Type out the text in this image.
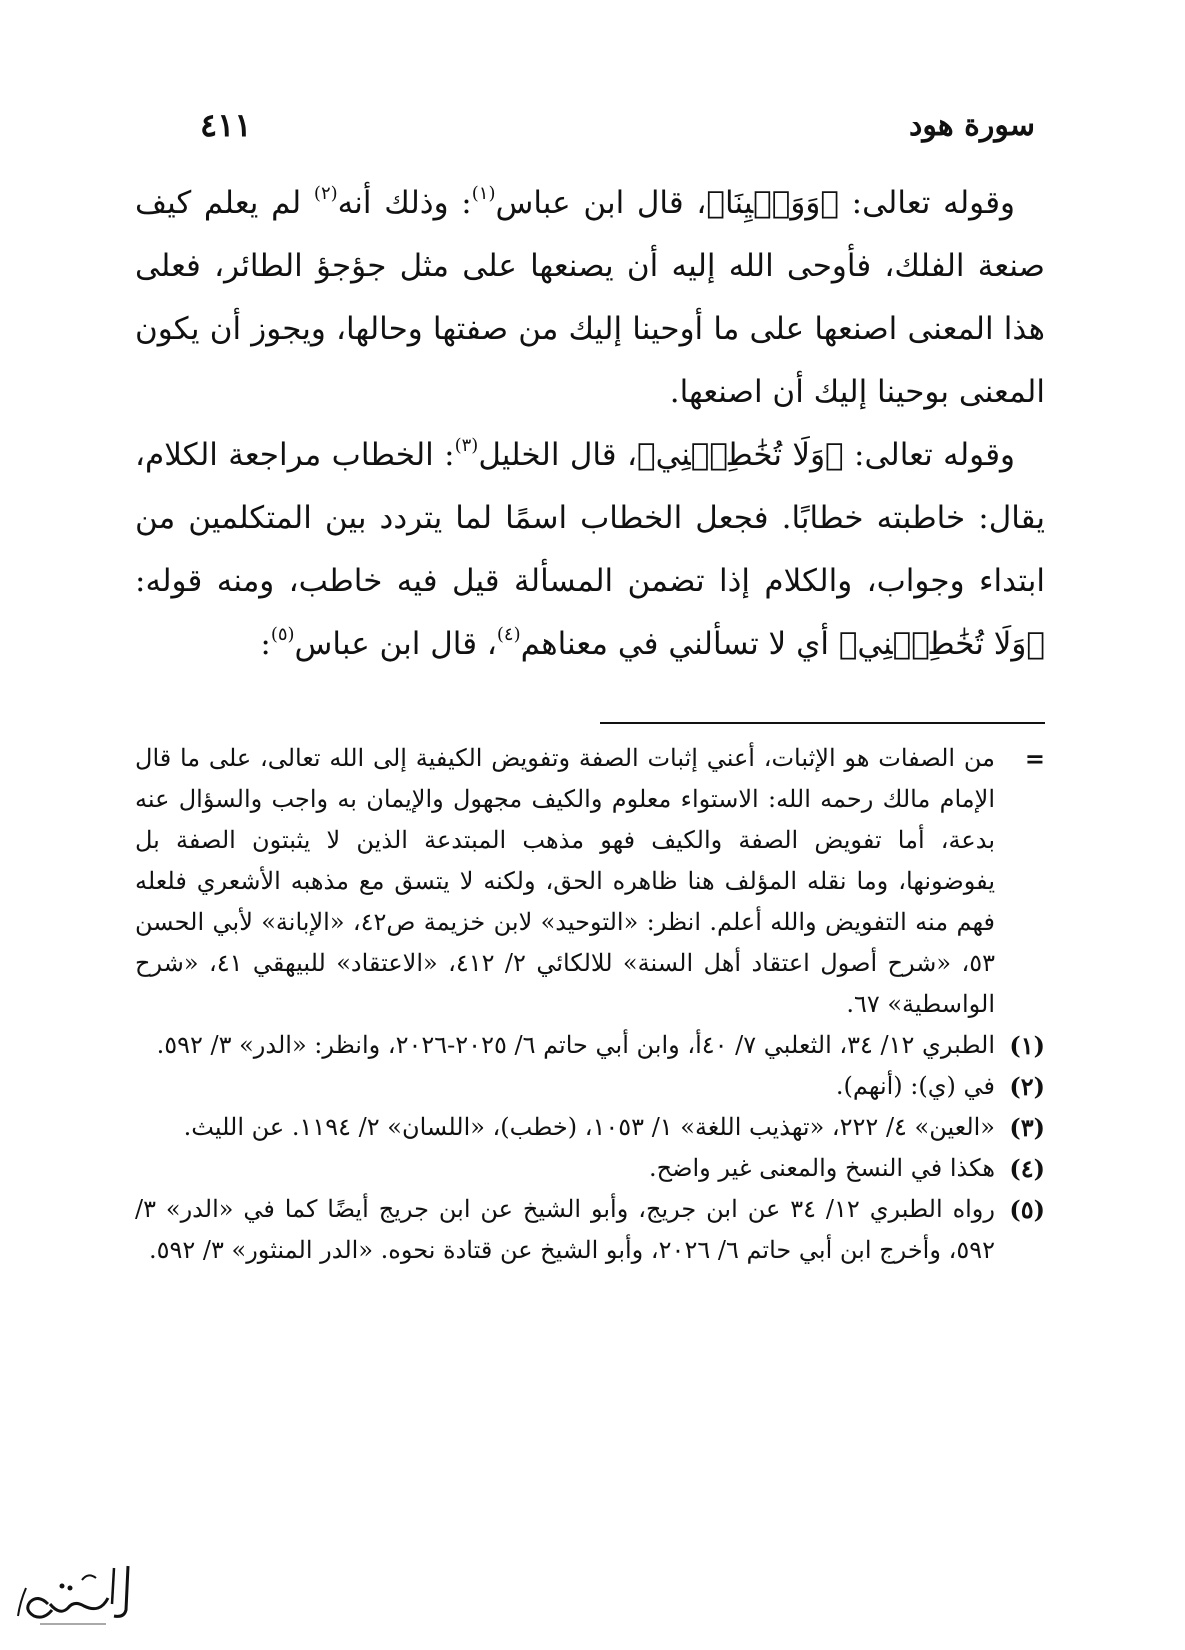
سورة هود
٤١١

وقوله تعالى: ﴿وَوَحۡيِنَا﴾، قال ابن عباس$^{(١)}$: وذلك أنه$^{(٢)}$ لم يعلم كيف صنعة الفلك، فأوحى الله إليه أن يصنعها على مثل جؤجؤ الطائر، فعلى هذا المعنى اصنعها على ما أوحينا إليك من صفتها وحالها، ويجوز أن يكون المعنى بوحينا إليك أن اصنعها.

وقوله تعالى: ﴿وَلَا تُخَٰطِبۡنِي﴾، قال الخليل$^{(٣)}$: الخطاب مراجعة الكلام، يقال: خاطبته خطابًا. فجعل الخطاب اسمًا لما يتردد بين المتكلمين من ابتداء وجواب، والكلام إذا تضمن المسألة قيل فيه خاطب، ومنه قوله: ﴿وَلَا تُخَٰطِبۡنِي﴾ أي لا تسألني في معناهم$^{(٤)}$، قال ابن عباس$^{(٥)}$:

=
من الصفات هو الإثبات، أعني إثبات الصفة وتفويض الكيفية إلى الله تعالى، على ما قال الإمام مالك رحمه الله: الاستواء معلوم والكيف مجهول والإيمان به واجب والسؤال عنه بدعة، أما تفويض الصفة والكيف فهو مذهب المبتدعة الذين لا يثبتون الصفة بل يفوضونها، وما نقله المؤلف هنا ظاهره الحق، ولكنه لا يتسق مع مذهبه الأشعري فلعله فهم منه التفويض والله أعلم. انظر: «التوحيد» لابن خزيمة ص٤٢، «الإبانة» لأبي الحسن ٥٣، «شرح أصول اعتقاد أهل السنة» للالكائي ٢/ ٤١٢، «الاعتقاد» للبيهقي ٤١، «شرح الواسطية» ٦٧.
(١)
الطبري ١٢/ ٣٤، الثعلبي ٧/ ٤٠أ، وابن أبي حاتم ٦/ ٢٠٢٥-٢٠٢٦، وانظر: «الدر» ٣/ ٥٩٢.
(٢)
في (ي): (أنهم).
(٣)
«العين» ٤/ ٢٢٢، «تهذيب اللغة» ١/ ١٠٥٣، (خطب)، «اللسان» ٢/ ١١٩٤. عن الليث.
(٤)
هكذا في النسخ والمعنى غير واضح.
(٥)
رواه الطبري ١٢/ ٣٤ عن ابن جريج، وأبو الشيخ عن ابن جريج أيضًا كما في «الدر» ٣/ ٥٩٢، وأخرج ابن أبي حاتم ٦/ ٢٠٢٦، وأبو الشيخ عن قتادة نحوه. «الدر المنثور» ٣/ ٥٩٢.
